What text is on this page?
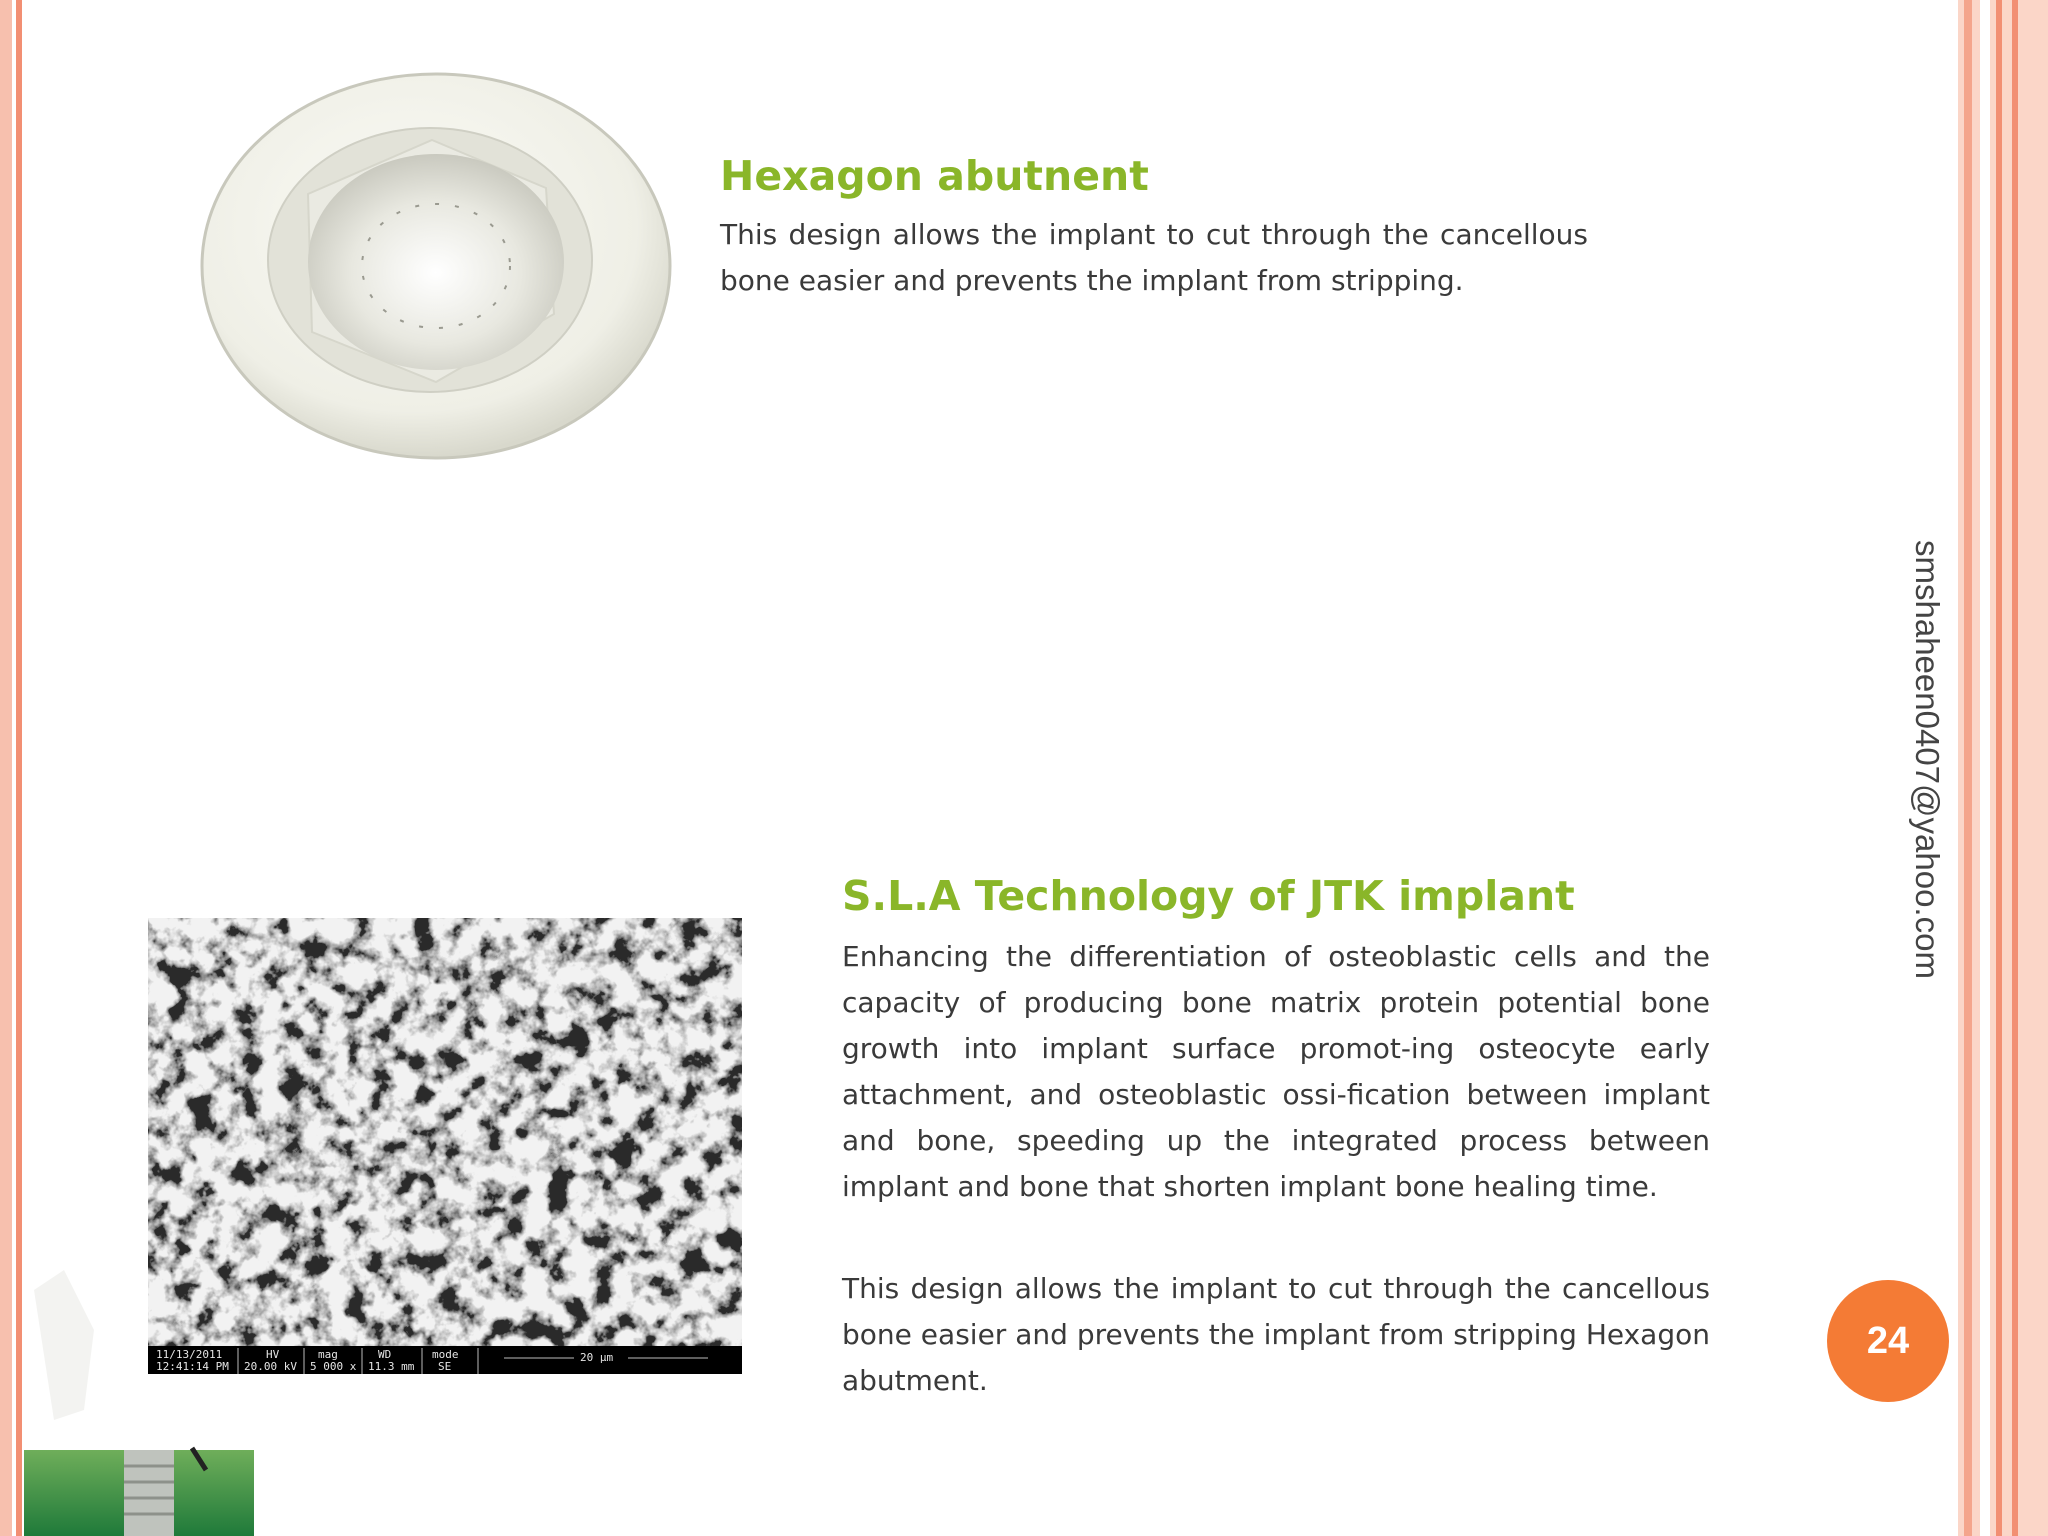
Hexagon abutnent

This design allows the implant to cut through the cancellous bone easier and prevents the implant from stripping.

11/13/2011
12:41:14 PM
HV
20.00 kV
mag
5 000 x
WD
11.3 mm
mode
SE
20 μm
S.L.A Technology of JTK implant

Enhancing the differentiation of osteoblastic cells and the capacity of producing bone matrix protein potential bone growth into implant surface promot-ing osteocyte early attachment, and osteoblastic ossi-fication between implant and bone, speeding up the integrated process between implant and bone that shorten implant bone healing time.

This design allows the implant to cut through the cancellous bone easier and prevents the implant from stripping Hexagon abutment.

smshaheen0407@yahoo.com
24
